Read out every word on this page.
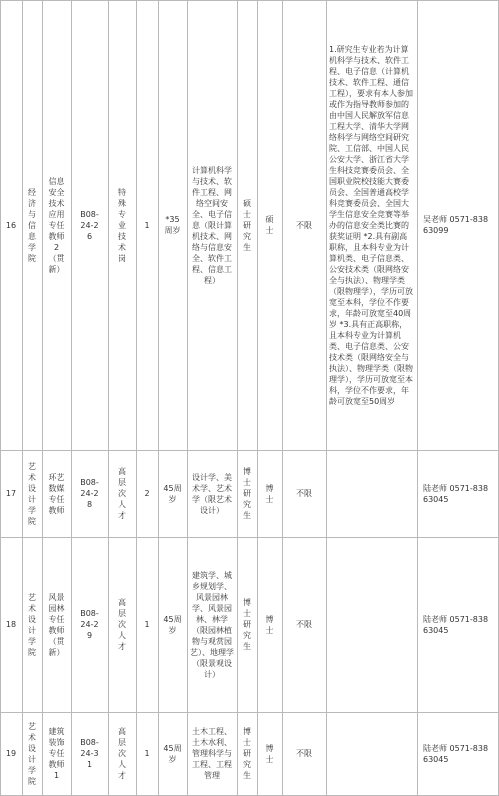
16
经济与信息学院
信息安全技术应用专任教师2（贯新）
B08-24-26
特殊专业技术岗
1
*35周岁
计算机科学与技术、软件工程、网络空间安全、电子信息（限计算机技术、网络与信息安全、软件工程、信息工程）
硕士研究生
硕士
不限
1.研究生专业若为计算机科学与技术、软件工程、电子信息（计算机技术、软件工程、通信工程），要求有本人参加或作为指导教师参加的由中国人民解放军信息工程大学、清华大学网络科学与网络空间研究院、工信部、中国人民公安大学、浙江省大学生科技竞赛委员会、全国职业院校技能大赛委员会、全国普通高校学科竞赛委员会、全国大学生信息安全竞赛等举办的信息安全类比赛的获奖证明 *2.具有副高职称，且本科专业为计算机类、电子信息类、公安技术类（限网络安全与执法）、物理学类（限物理学），学历可放宽至本科，学位不作要求，年龄可放宽至40周岁 *3.具有正高职称，且本科专业为计算机类、电子信息类、公安技术类（限网络安全与执法）、物理学类（限物理学），学历可放宽至本科，学位不作要求，年龄可放宽至50周岁
吴老师 0571-83863099
17
艺术设计学院
环艺数媒专任教师
B08-24-28
高层次人才
2
45周岁
设计学、美术学、艺术学（限艺术设计）
博士研究生
博士
不限
陆老师 0571-83863045
18
艺术设计学院
风景园林专任教师（贯新）
B08-24-29
高层次人才
1
45周岁
建筑学、城乡规划学、风景园林学、风景园林、林学（限园林植物与观赏园艺）、地理学（限景观设计）
博士研究生
博士
不限
陆老师 0571-83863045
19
艺术设计学院
建筑装饰专任教师1
B08-24-31
高层次人才
1
45周岁
土木工程、土木水利、管理科学与工程、工程管理
博士研究生
博士
不限
陆老师 0571-83863045
